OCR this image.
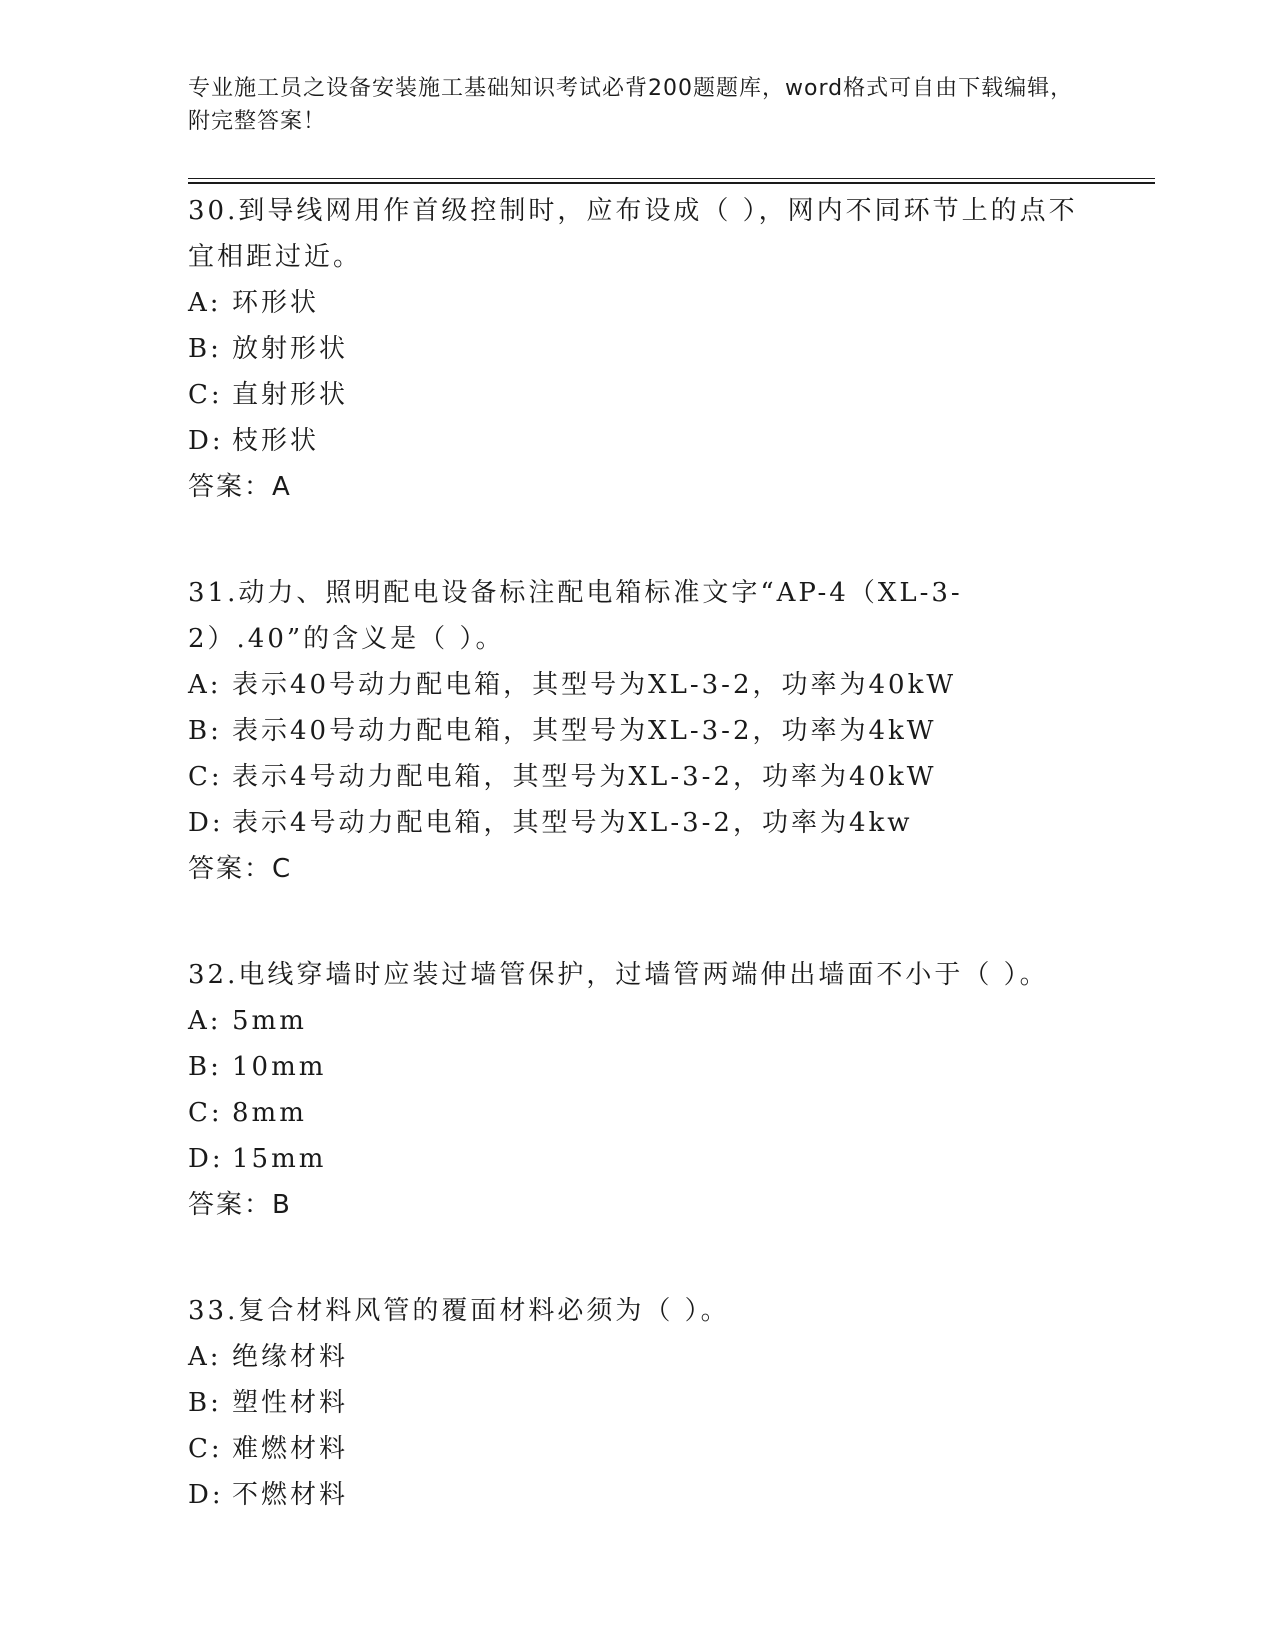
专业施工员之设备安装施工基础知识考试必背200题题库，word格式可自由下载编辑，附完整答案！

30.到导线网用作首级控制时，应布设成（ ），网内不同环节上的点不宜相距过近。

A: 环形状

B: 放射形状

C: 直射形状

D: 枝形状

答案：A

31.动力、照明配电设备标注配电箱标准文字“AP-4（XL-3-2）.40”的含义是（ ）。

A: 表示40号动力配电箱，其型号为XL-3-2，功率为40kW

B: 表示40号动力配电箱，其型号为XL-3-2，功率为4kW

C: 表示4号动力配电箱，其型号为XL-3-2，功率为40kW

D: 表示4号动力配电箱，其型号为XL-3-2，功率为4kw

答案：C

32.电线穿墙时应装过墙管保护，过墙管两端伸出墙面不小于（ ）。

A: 5mm

B: 10mm

C: 8mm

D: 15mm

答案：B

33.复合材料风管的覆面材料必须为（ ）。

A: 绝缘材料

B: 塑性材料

C: 难燃材料

D: 不燃材料
